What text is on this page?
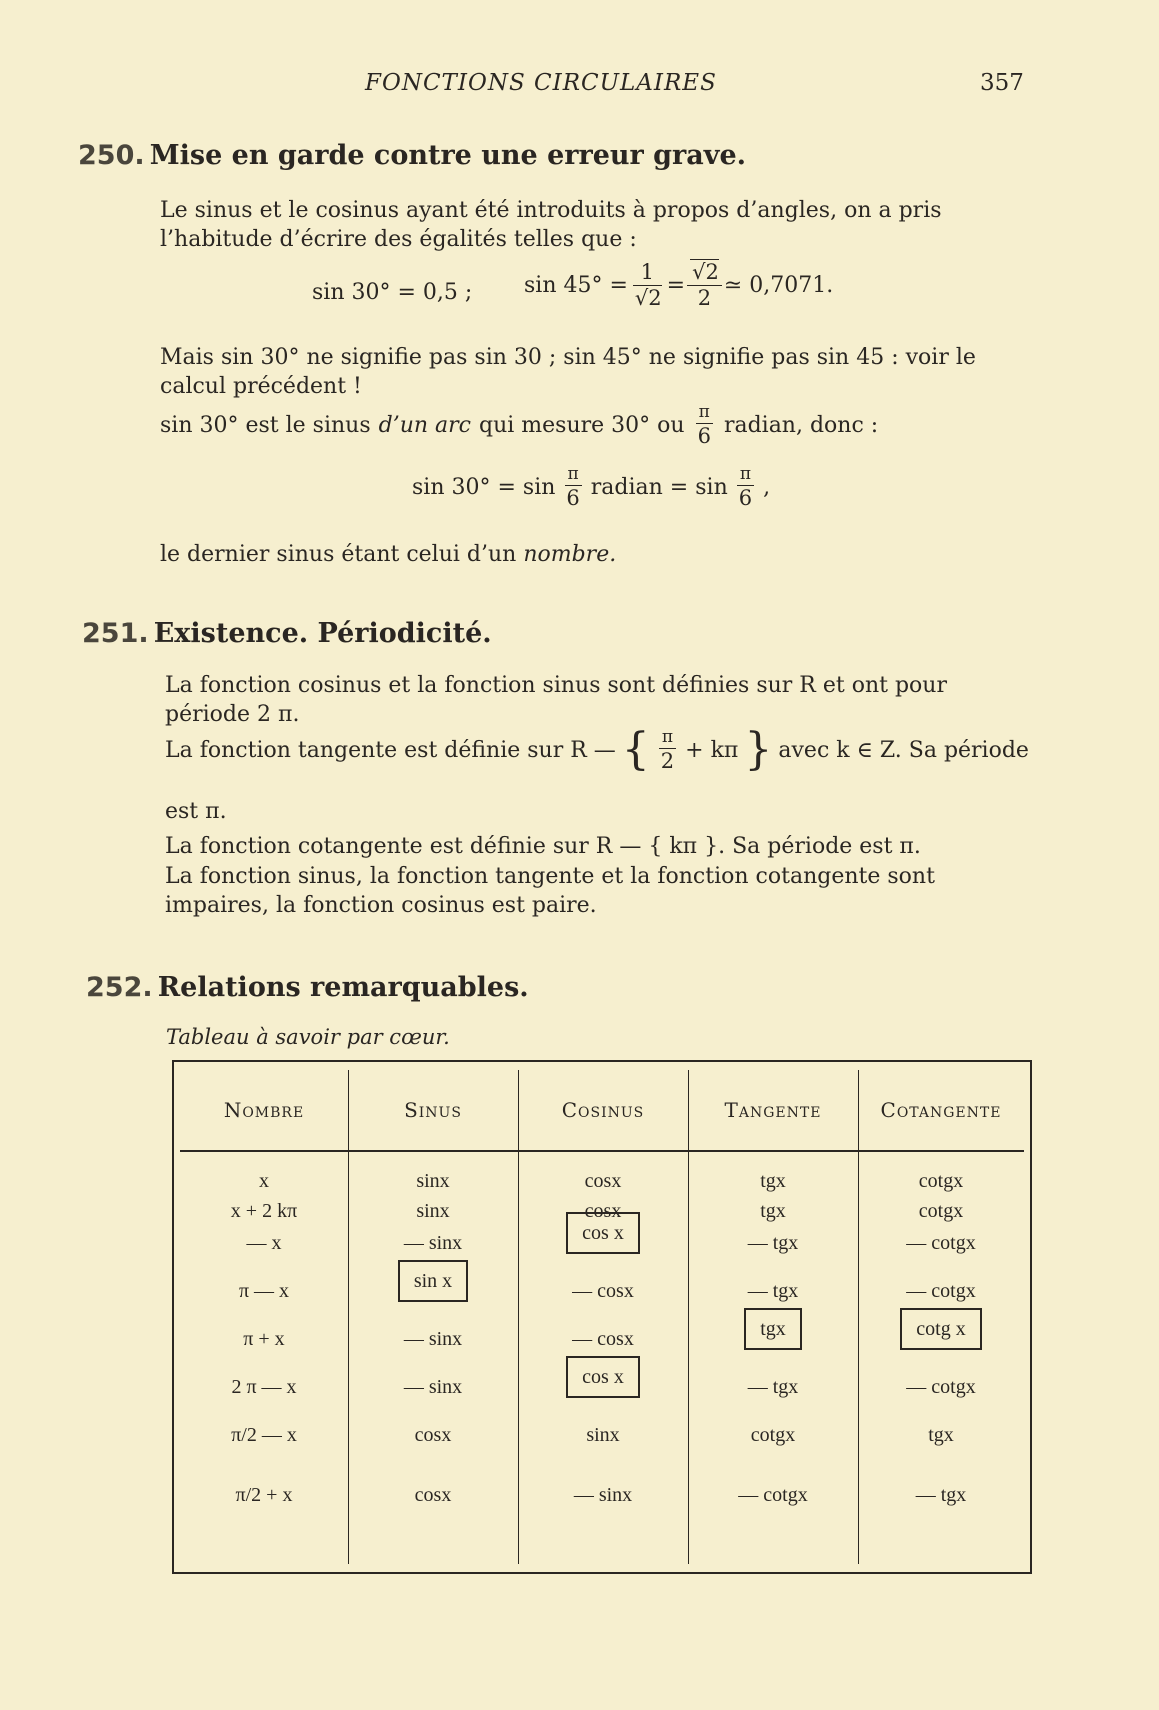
FONCTIONS CIRCULAIRES	357
250. Mise en garde contre une erreur grave.
Le sinus et le cosinus ayant été introduits à propos d’angles, on a pris
l’habitude d’écrire des égalités telles que :
sin 30° = 0,5 ; $\sin 45^\circ = \frac{1}{√2} = \frac{√2}{2}$ ≃ 0,7071.
Mais sin 30° ne signifie pas sin 30 ; sin 45° ne signifie pas sin 45 : voir le
calcul précédent !
sin 30° est le sinus d’un arc qui mesure 30° ou $\frac{\pi}{6}$ radian, donc :
$\sin 30^\circ = \sin \frac{\pi}{6}$ radian = $\sin \frac{\pi}{6}$ ,
le dernier sinus étant celui d’un nombre.
251. Existence. Périodicité.
La fonction cosinus et la fonction sinus sont définies sur R et ont pour
période 2 π.
La fonction tangente est définie sur R — { $\frac{\pi}{2} + k\pi$ } avec k ∈ Z. Sa période
est π.
La fonction cotangente est définie sur R — { kπ }. Sa période est π.
La fonction sinus, la fonction tangente et la fonction cotangente sont
impaires, la fonction cosinus est paire.
252. Relations remarquables.
Tableau à savoir par cœur.
Nombre	Sinus	Cosinus	Tangente	Cotangente
x	sinx	cosx	tgx	cotgx
x + 2 kπ	sinx	cosx	tgx	cotgx
— x	— sinx	cos x	— tgx	— cotgx
π — x	sin x	— cosx	— tgx	— cotgx
π + x	— sinx	— cosx	tgx	cotg x
2 π — x	— sinx	cos x	— tgx	— cotgx
π/2 — x	cosx	sinx	cotgx	tgx
π/2 + x	cosx	— sinx	— cotgx	— tgx
